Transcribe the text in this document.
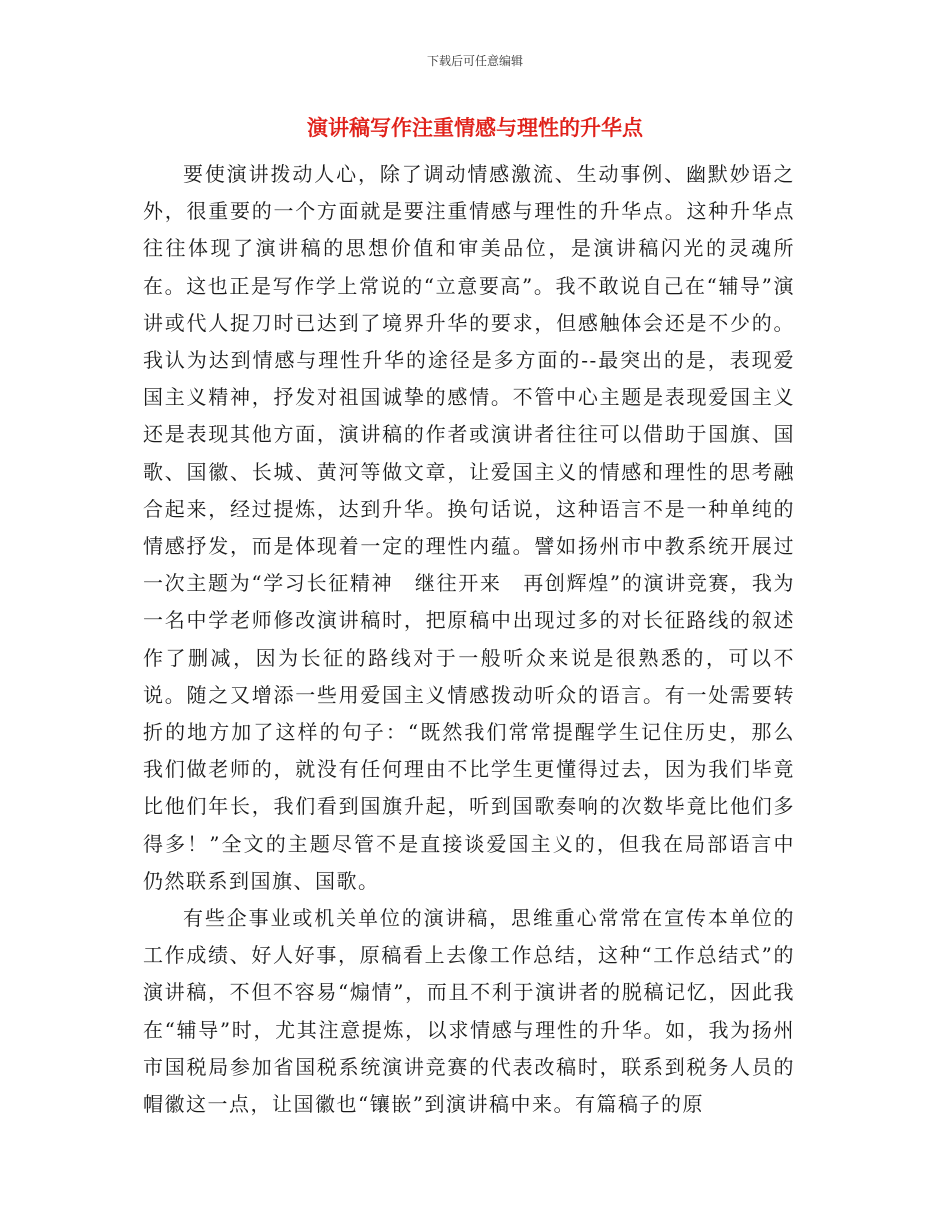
下载后可任意编辑
演讲稿写作注重情感与理性的升华点

要使演讲拨动人心，除了调动情感激流、生动事例、幽默妙语之外，很重要的一个方面就是要注重情感与理性的升华点。这种升华点往往体现了演讲稿的思想价值和审美品位，是演讲稿闪光的灵魂所在。这也正是写作学上常说的“立意要高”。我不敢说自己在“辅导”演讲或代人捉刀时已达到了境界升华的要求，但感触体会还是不少的。我认为达到情感与理性升华的途径是多方面的--最突出的是，表现爱国主义精神，抒发对祖国诚挚的感情。不管中心主题是表现爱国主义还是表现其他方面，演讲稿的作者或演讲者往往可以借助于国旗、国歌、国徽、长城、黄河等做文章，让爱国主义的情感和理性的思考融合起来，经过提炼，达到升华。换句话说，这种语言不是一种单纯的情感抒发，而是体现着一定的理性内蕴。譬如扬州市中教系统开展过一次主题为“学习长征精神　继往开来　再创辉煌”的演讲竞赛，我为一名中学老师修改演讲稿时，把原稿中出现过多的对长征路线的叙述作了删减，因为长征的路线对于一般听众来说是很熟悉的，可以不说。随之又增添一些用爱国主义情感拨动听众的语言。有一处需要转折的地方加了这样的句子：“既然我们常常提醒学生记住历史，那么我们做老师的，就没有任何理由不比学生更懂得过去，因为我们毕竟比他们年长，我们看到国旗升起，听到国歌奏响的次数毕竟比他们多得多！”全文的主题尽管不是直接谈爱国主义的，但我在局部语言中仍然联系到国旗、国歌。

有些企事业或机关单位的演讲稿，思维重心常常在宣传本单位的工作成绩、好人好事，原稿看上去像工作总结，这种“工作总结式”的演讲稿，不但不容易“煽情”，而且不利于演讲者的脱稿记忆，因此我在“辅导”时，尤其注意提炼，以求情感与理性的升华。如，我为扬州市国税局参加省国税系统演讲竞赛的代表改稿时，联系到税务人员的帽徽这一点，让国徽也“镶嵌”到演讲稿中来。有篇稿子的原
